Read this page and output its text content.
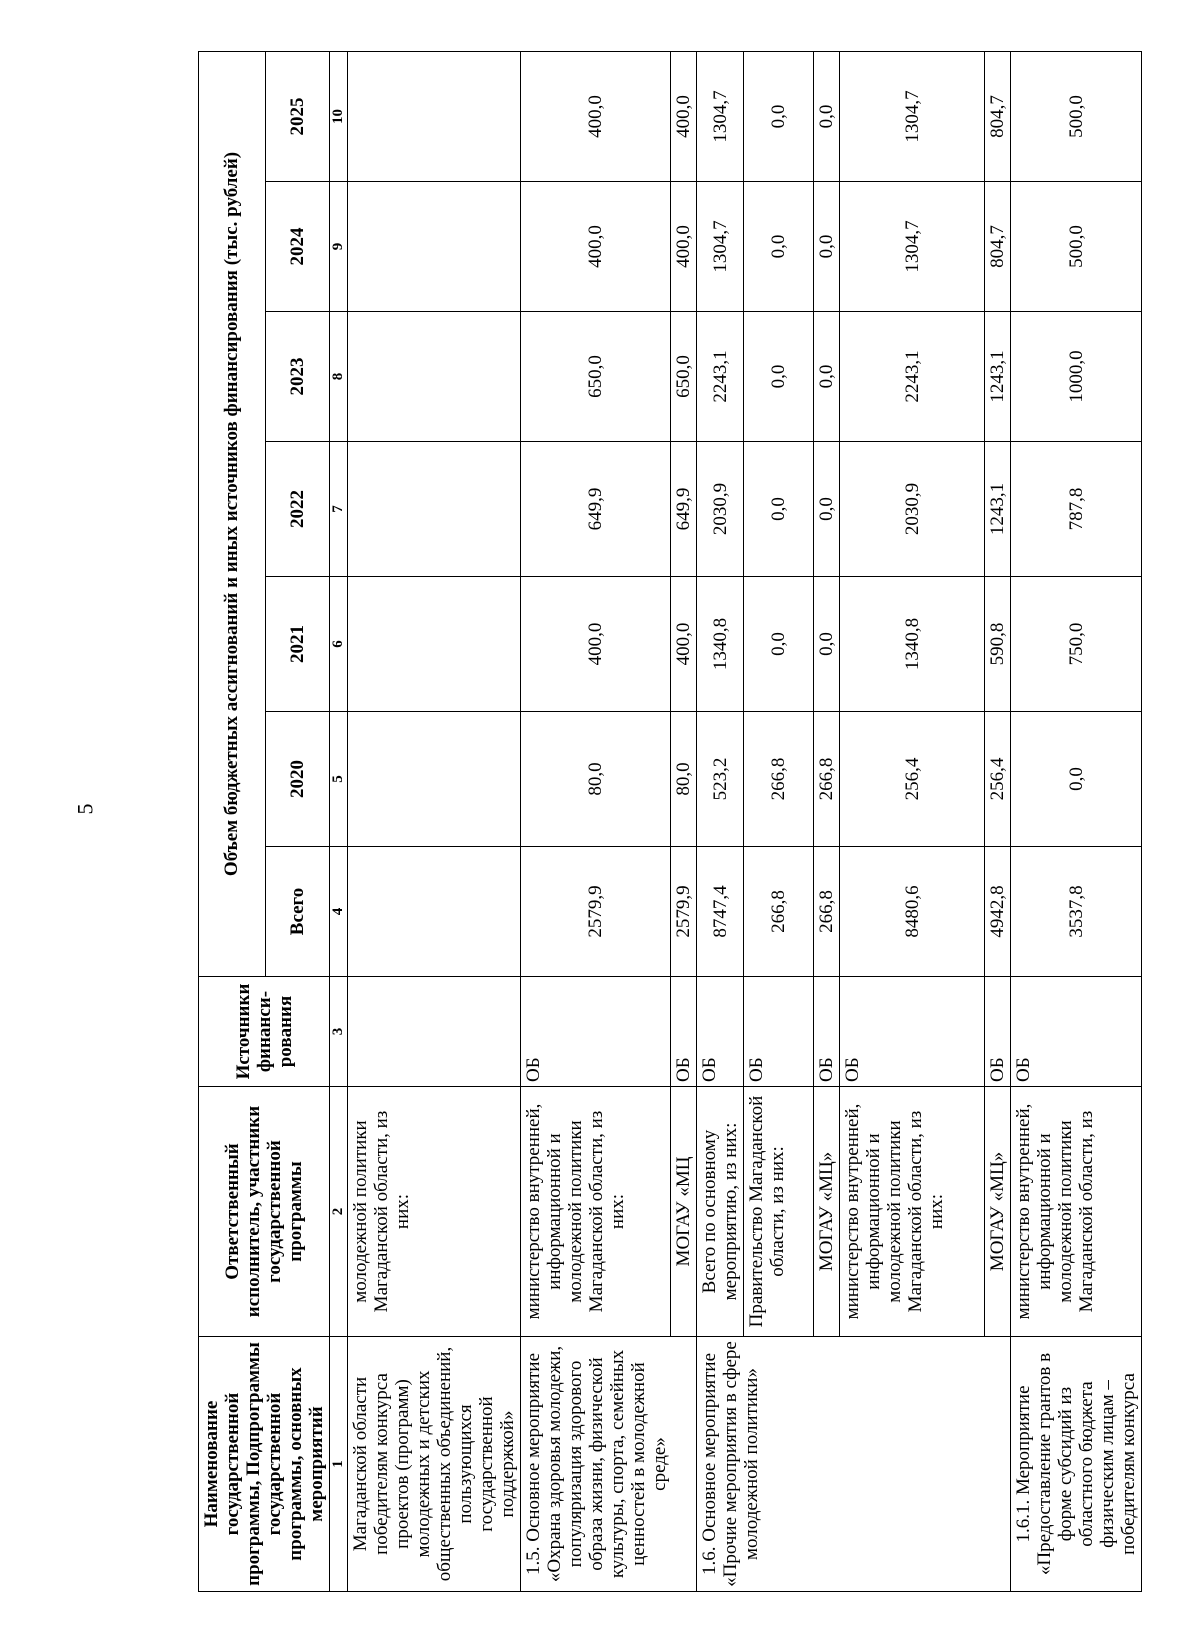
5
Наименование государственной программы, Подпрограммы государственной программы, основных мероприятий	Ответственный исполнитель, участники государственной программы	Источники финанси-рования	Объем бюджетных ассигнований и иных источников финансирования (тыс. рублей)						
			Всего	2020	2021	2022	2023	2024	2025
1	2	3	4	5	6	7	8	9	10
Магаданской области победителям конкурса проектов (программ) молодежных и детских общественных объединений, пользующихся государственной поддержкой»	молодежной политики Магаданской области, из них:								
1.5. Основное мероприятие «Охрана здоровья молодежи, популяризация здорового образа жизни, физической культуры, спорта, семейных ценностей в молодежной среде»	министерство внутренней, информационной и молодежной политики Магаданской области, из них:	ОБ	2579,9	80,0	400,0	649,9	650,0	400,0	400,0
	МОГАУ «МЦ	ОБ	2579,9	80,0	400,0	649,9	650,0	400,0	400,0
1.6. Основное мероприятие «Прочие мероприятия в сфере молодежной политики»	Всего по основному мероприятию, из них:	ОБ	8747,4	523,2	1340,8	2030,9	2243,1	1304,7	1304,7
	Правительство Магаданской области, из них:	ОБ	266,8	266,8	0,0	0,0	0,0	0,0	0,0
	МОГАУ «МЦ»	ОБ	266,8	266,8	0,0	0,0	0,0	0,0	0,0
	министерство внутренней, информационной и молодежной политики Магаданской области, из них:	ОБ	8480,6	256,4	1340,8	2030,9	2243,1	1304,7	1304,7
	МОГАУ «МЦ»	ОБ	4942,8	256,4	590,8	1243,1	1243,1	804,7	804,7
1.6.1. Мероприятие «Предоставление грантов в форме субсидий из областного бюджета физическим лицам – победителям конкурса	министерство внутренней, информационной и молодежной политики Магаданской области, из	ОБ	3537,8	0,0	750,0	787,8	1000,0	500,0	500,0
